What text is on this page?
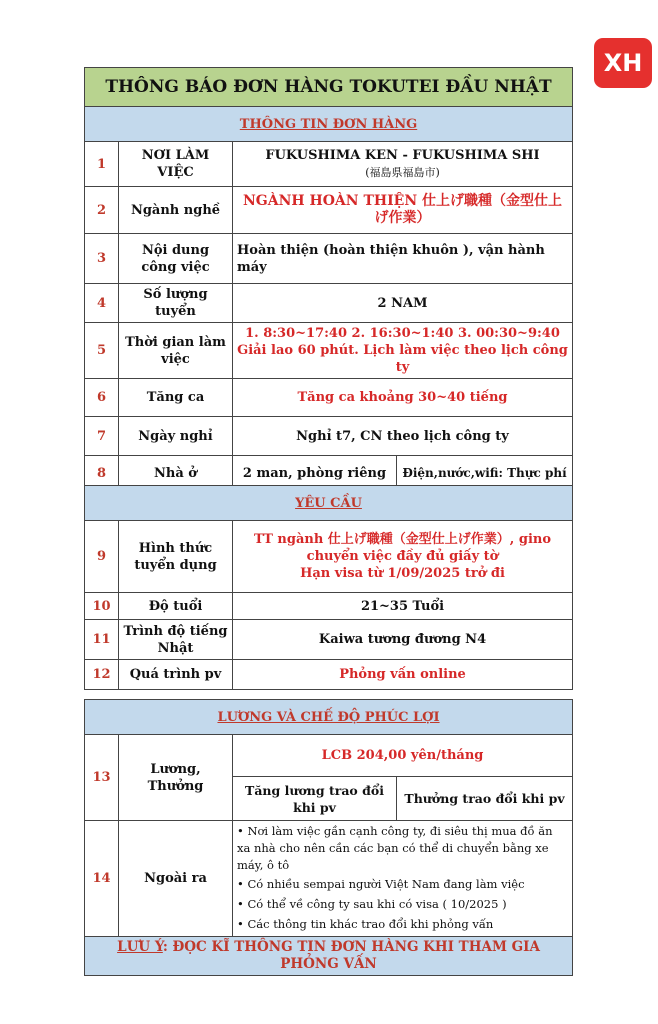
XH
THÔNG BÁO ĐƠN HÀNG TOKUTEI ĐẦU NHẬT			
THÔNG TIN ĐƠN HÀNG			
1	NƠI LÀM VIỆC	FUKUSHIMA KEN - FUKUSHIMA SHI
(福島県福島市)	

2	Ngành nghề	NGÀNH HOÀN THIỆN 仕上げ職種（金型仕上げ作業）	
3	Nội dung công việc	Hoàn thiện (hoàn thiện khuôn ), vận hành máy	
4	Số lượng tuyển	2 NAM	
5	Thời gian làm việc	1. 8:30~17:40 2. 16:30~1:40 3. 00:30~9:40
Giải lao 60 phút. Lịch làm việc theo lịch công ty	

6	Tăng ca	Tăng ca khoảng 30~40 tiếng	
7	Ngày nghỉ	Nghỉ t7, CN theo lịch công ty	
8	Nhà ở	2 man, phòng riêng	Điện,nước,wifi: Thực phí
YÊU CẦU		
9	Hình thức tuyển dụng	TT ngành 仕上げ職種（金型仕上げ作業）, gino chuyển việc đầy đủ giấy tờ
Hạn visa từ 1/09/2025 trở đi

10	Độ tuổi	21~35 Tuổi
11	Trình độ tiếng Nhật	Kaiwa tương đương N4
12	Quá trình pv	Phỏng vấn online
LƯƠNG VÀ CHẾ ĐỘ PHÚC LỢI			
13	Lương, Thưởng	LCB 204,00 yên/tháng	
		Tăng lương trao đổi khi pv	Thưởng trao đổi khi pv
14	Ngoài ra	• Nơi làm việc gần cạnh công ty, đi siêu thị mua đồ ăn xa nhà cho nên cần các bạn có thể di chuyển bằng xe máy, ô tô
• Có nhiều sempai người Việt Nam đang làm việc
• Có thể về công ty sau khi có visa ( 10/2025 )
• Các thông tin khác trao đổi khi phỏng vấn	

LƯU Ý: ĐỌC KĨ THÔNG TIN ĐƠN HÀNG KHI THAM GIA PHỎNG VẤN			
